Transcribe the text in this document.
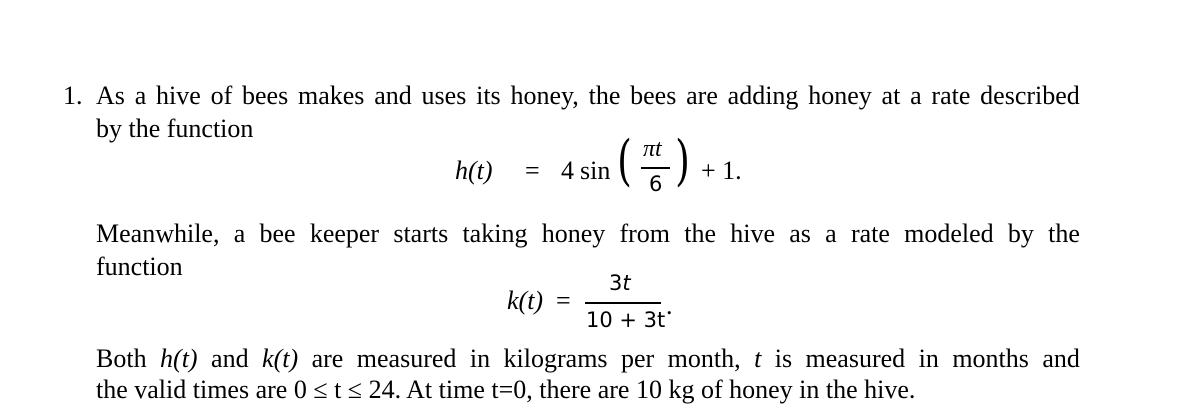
1. As a hive of bees makes and uses its honey, the bees are adding honey at a rate described
by the function
h(t) = 4 sin ( πt
6 ) + 1.
Meanwhile, a bee keeper starts taking honey from the hive as a rate modeled by the
function
k(t) =
3t
10 + 3t .
Both h(t) and k(t) are measured in kilograms per month, t is measured in months and
the valid times are 0 ≤ t ≤ 24. At time t=0, there are 10 kg of honey in the hive.
